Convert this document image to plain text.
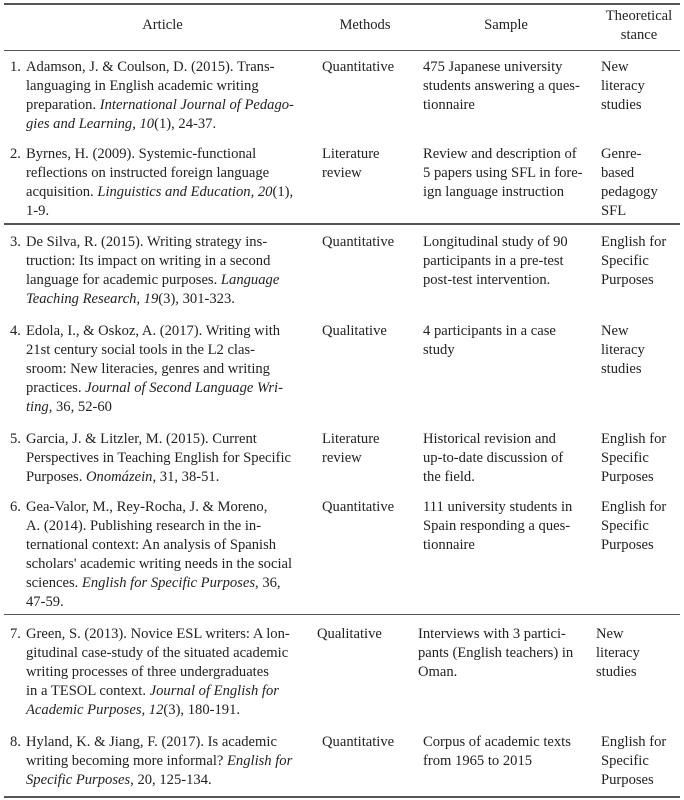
Article	Methods	Sample
Theoretical
stance
1. Adamson, J. & Coulson, D. (2015). Trans-
languaging in English academic writing
preparation. International Journal of Pedago-
gies and Learning, 10(1), 24-37.
Quantitative 475 Japanese university
students answering a ques-
tionnaire
New
literacy
studies
2. Byrnes, H. (2009). Systemic-functional
reflections on instructed foreign language
acquisition. Linguistics and Education, 20(1),
1-9.
Literature
review
Review and description of
5 papers using SFL in fore-
ign language instruction
Genre-
based
pedagogy
SFL
3. De Silva, R. (2015). Writing strategy ins-
truction: Its impact on writing in a second
language for academic purposes. Language
Teaching Research, 19(3), 301-323.
Quantitative Longitudinal study of 90
participants in a pre-test
post-test intervention.
English for
Specific
Purposes
4. Edola, I., & Oskoz, A. (2017). Writing with
21st century social tools in the L2 clas-
sroom: New literacies, genres and writing
practices. Journal of Second Language Wri-
ting, 36, 52-60
Qualitative 4 participants in a case
study
New
literacy
studies
5. Garcia, J. & Litzler, M. (2015). Current
Perspectives in Teaching English for Specific
Purposes. Onomázein, 31, 38-51.
Literature
review
Historical revision and
up-to-date discussion of
the field.
English for
Specific
Purposes
6. Gea-Valor, M., Rey-Rocha, J. & Moreno,
A. (2014). Publishing research in the in-
ternational context: An analysis of Spanish
scholars' academic writing needs in the social
sciences. English for Specific Purposes, 36,
47-59.
Quantitative 111 university students in
Spain responding a ques-
tionnaire
English for
Specific
Purposes
7. Green, S. (2013). Novice ESL writers: A lon-
gitudinal case-study of the situated academic
writing processes of three undergraduates
in a TESOL context. Journal of English for
Academic Purposes, 12(3), 180-191.
Qualitative Interviews with 3 partici-
pants (English teachers) in
Oman.
New
literacy
studies
8. Hyland, K. & Jiang, F. (2017). Is academic
writing becoming more informal? English for
Specific Purposes, 20, 125-134.
Quantitative Corpus of academic texts
from 1965 to 2015
English for
Specific
Purposes
